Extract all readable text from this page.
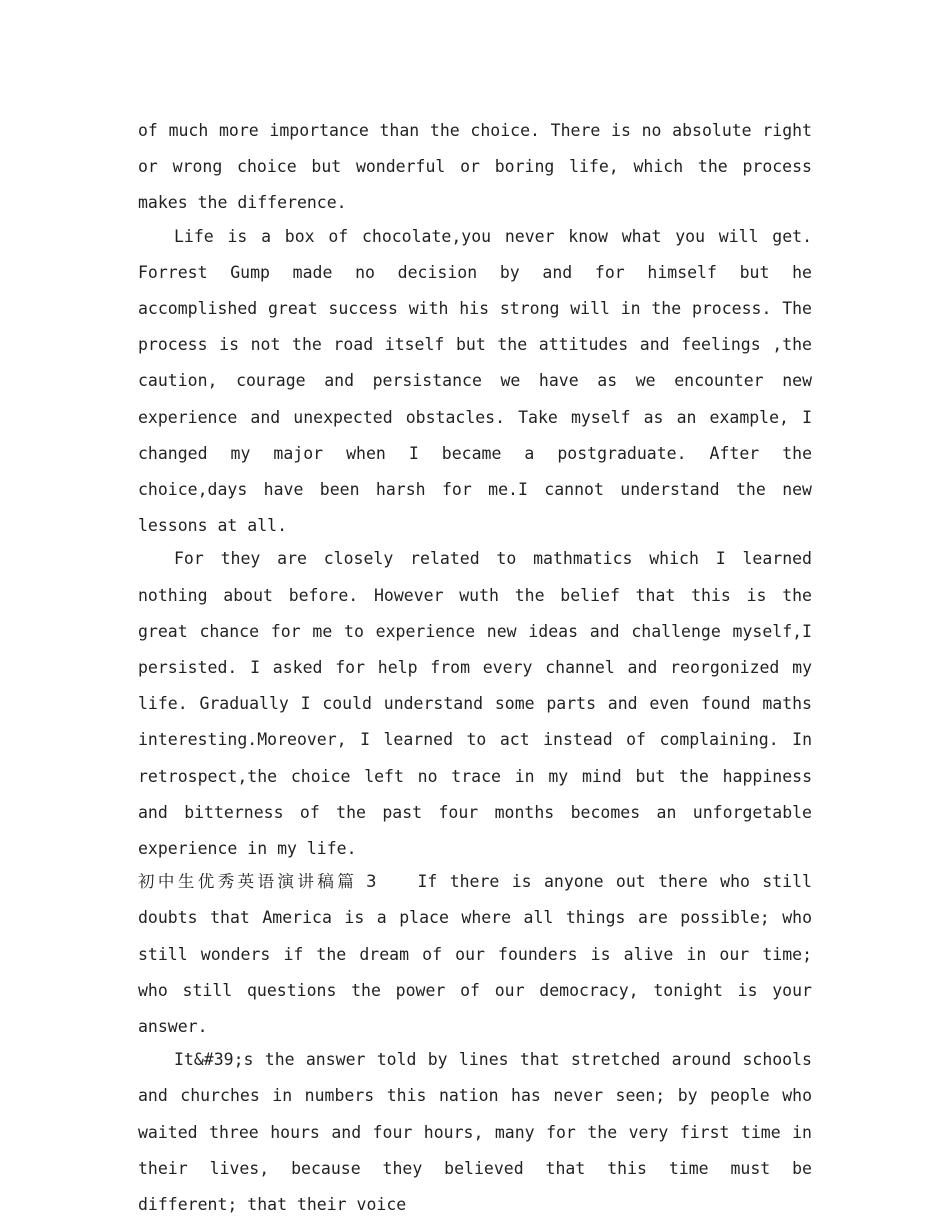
of much more importance than the choice. There is no absolute right or wrong choice but wonderful or boring life, which the process makes the difference.

Life is a box of chocolate,you never know what you will get. Forrest Gump made no decision by and for himself but he accomplished great success with his strong will in the process. The process is not the road itself but the attitudes and feelings ,the caution, courage and persistance we have as we encounter new experience and unexpected obstacles. Take myself as an example, I changed my major when I became a postgraduate. After the choice,days have been harsh for me.I cannot understand the new lessons at all.

For they are closely related to mathmatics which I learned nothing about before. However wuth the belief that this is the great chance for me to experience new ideas and challenge myself,I persisted. I asked for help from every channel and reorgonized my life. Gradually I could understand some parts and even found maths interesting.Moreover, I learned to act instead of complaining. In retrospect,the choice left no trace in my mind but the happiness and bitterness of the past four months becomes an unforgetable experience in my life.

初中生优秀英语演讲稿篇 3 If there is anyone out there who still doubts that America is a place where all things are possible; who still wonders if the dream of our founders is alive in our time; who still questions the power of our democracy, tonight is your answer.

It&#39;s the answer told by lines that stretched around schools and churches in numbers this nation has never seen; by people who waited three hours and four hours, many for the very first time in their lives, because they believed that this time must be different; that their voice
